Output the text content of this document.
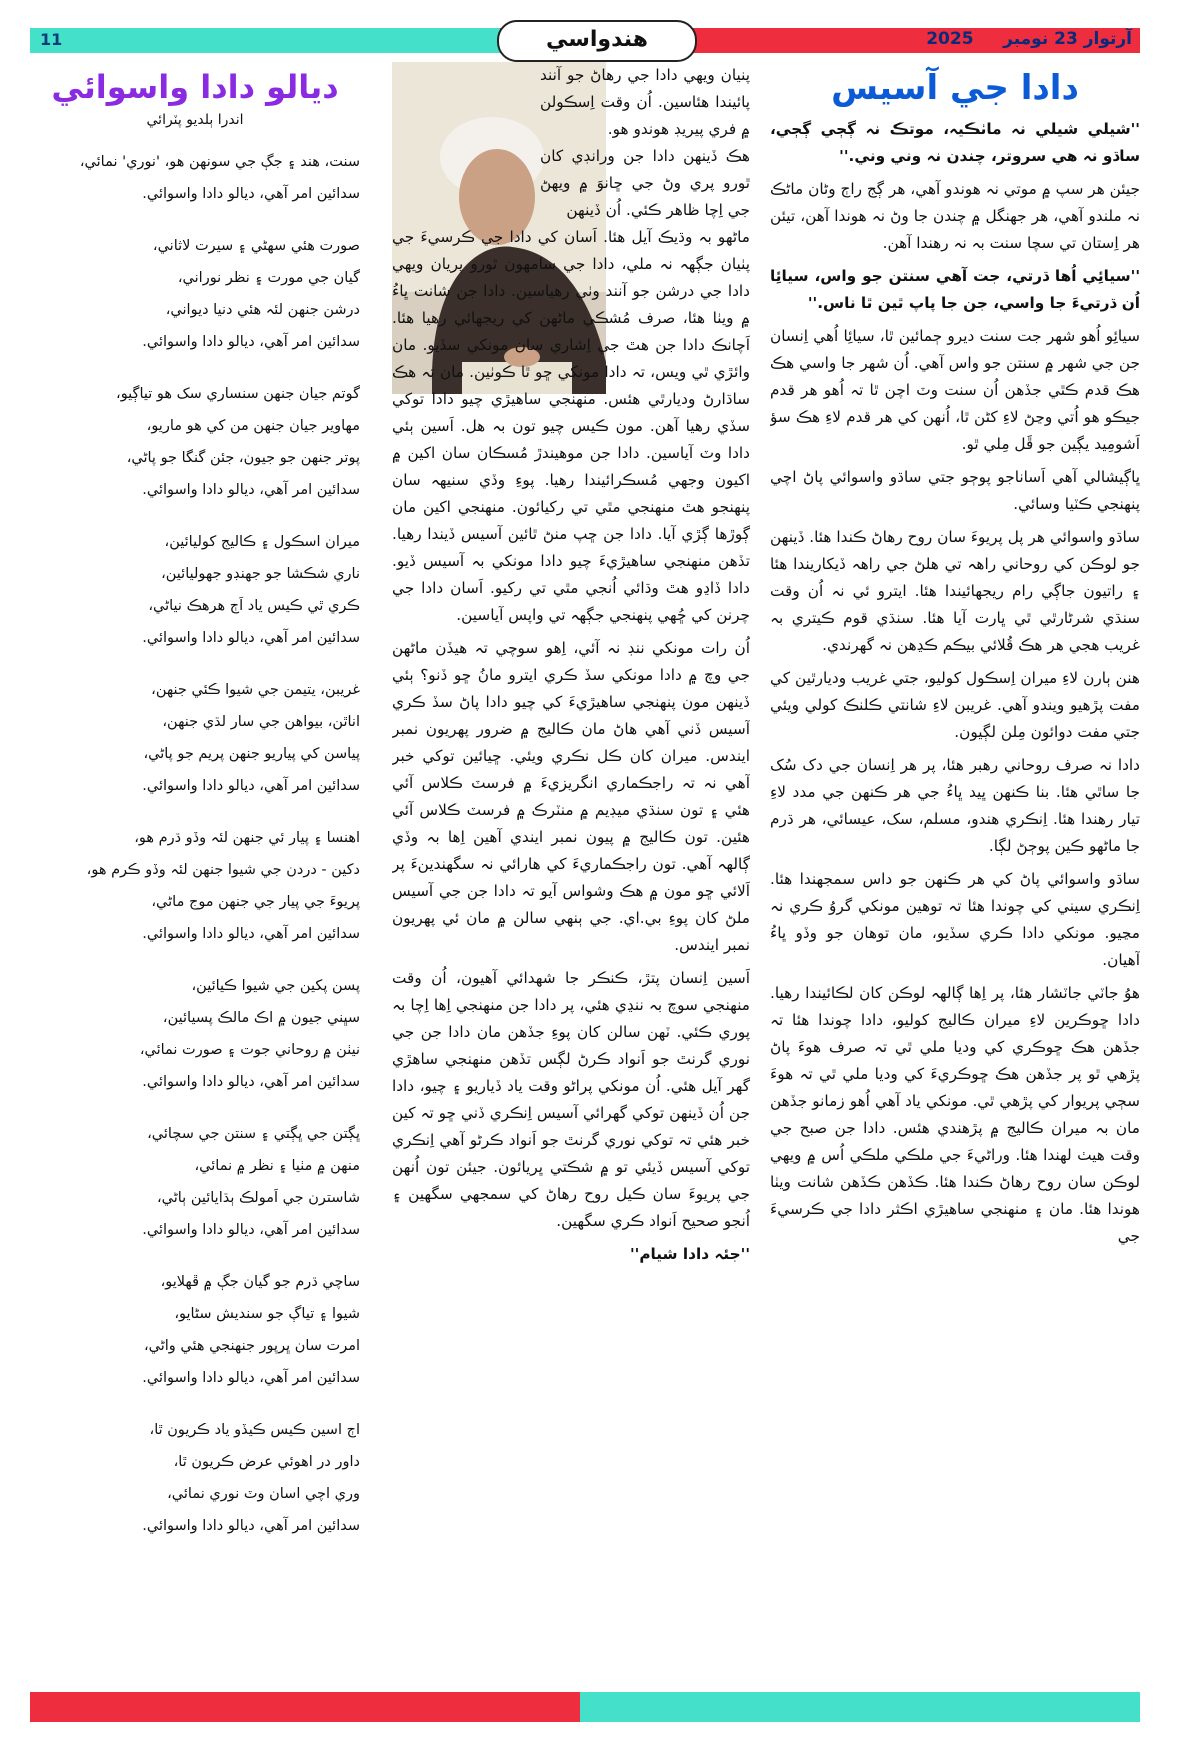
11	آرتوار 23 نومبر     2025
هندواسي
دادا جي آسيس

''شيلي شيلي نہ ماٺڪيہ، موتڪ نہ ڳڄي ڳڄي، ساڌو نہ هي سروتر، چندن نہ وني وني.''

جيئن هر سپ ۾ موتي نہ هوندو آهي، هر ڳج راڄ وڻان ماڻڪ نہ ملندو آهي، هر جهنگل ۾ چندن جا وڻ نہ هوندا آهن، تيئن هر اِستان تي سچا سنت بہ نہ رهندا آهن.

''سيائِي اُها ڌرتي، جت آهي سنتن جو واس، سيائِا اُن ڌرتيءَ جا واسي، جن جا پاپ ٿين ٿا ناس.''

سيائِو اُهو شهر جت سنت ديرو ڄمائين ٿا، سيائِا اُهي اِنسان جن جي شهر ۾ سنتن جو واس آهي. اُن شهر جا واسي هڪ هڪ قدم ڪٿي جڏهن اُن سنت وٽ اچن ٿا تہ اُهو هر قدم جيڪو هو اُتي وڃڻ لاءِ کڻن ٿا، اُنهن کي هر قدم لاءِ هڪ سؤ اَشومِيد يڳين جو ڦَل مِلي ٿو.

ڀاڳيشالي آهي اَساناجو پوڄو جتي ساڌو واسوائي پاڻ اچي پنهنجي ڪٽيا وسائي.

ساڌو واسوائي هر پل پريوءَ سان روح رهاڻ ڪندا هئا. ڏينهن جو لوڪن کي روحاني راهہ تي هلڻ جي راهہ ڏيکاريندا هئا ۽ راتيون جاڳي رام ريجهائيندا هئا. ايترو ئي نہ اُن وقت سنڌي شرڻارٿي ٿي ڀارت آيا هئا. سنڌي قوم ڪيتري بہ غريب هجي هر هڪ قُلائي بيڪم ڪڍهن نہ گهرندي.

هنن ٻارن لاءِ ميران اِسڪول کوليو، جتي غريب وديارٿين کي مفت پڙهيو ويندو آهي. غريبن لاءِ شانتي ڪلنڪ کولي ويئي جتي مفت دوائون مِلن لڳيون.

دادا نہ صرف روحاني رهبر هئا، پر هر اِنسان جي دک سُک جا ساٿي هئا. بنا ڪنهن ڀيد ڀاءُ جي هر ڪنهن جي مدد لاءِ تيار رهندا هئا. اِنڪري هندو، مسلم، سک، عيسائي، هر ڌرم جا ماڻهو ڪين پوڄڻ لڳا.

ساڌو واسوائي پاڻ کي هر ڪنهن جو داس سمجهندا هئا. اِنڪري سيني کي چوندا هئا تہ توهين مونکي گروُ ڪري نہ مڃيو. مونکي دادا ڪري سڏيو، مان توهان جو وڏو ڀاءُ آهيان.

هوُ جاٽي جاٽشار هئا، پر اِها ڳالهہ لوڪن کان لڪائيندا رهيا. دادا ڇوڪرين لاءِ ميران ڪاليج کوليو، دادا چوندا هئا تہ جڏهن هڪ ڇوڪري کي وديا ملي ٿي تہ صرف هوءَ پاڻ پڙهي ٿو پر جڏهن هڪ ڇوڪريءَ کي وديا ملي ٿي تہ هوءَ سڄي پريوار کي پڙهي ٿي. مونکي ياد آهي اُهو زمانو جڏهن مان بہ ميران ڪاليج ۾ پڙهندي هئس. دادا جن صبح جي وقت هيٺ لهندا هئا. وراڻيءَ جي ملڪي ملڪي اُس ۾ ويهي لوڪن سان روح رهاڻ ڪندا هئا. ڪڏهن ڪڏهن شانت ويٺا هوندا هئا. مان ۽ منهنجي ساهيڙي اڪثر دادا جي ڪرسيءَ جي

پنيان ويهي دادا جي رهاڻ جو آنند پائيندا هئاسين. اُن وقت اِسڪولن ۾ فري پيريڊ هوندو هو.

هڪ ڏينهن دادا جن ورانڊي کان ٿورو پري وڻ جي ڇانوَ ۾ ويهڻ جي اِچا ظاهر ڪئي. اُن ڏينهن

ماڻهو بہ وڌيڪ آيل هئا. اَسان کي دادا جي ڪرسيءَ جي پٺيان جڳهہ نہ ملي، دادا جي سامهون ٿورو پريان ويهي دادا جي درشن جو آنند وٺي رهياسين. دادا جن شانت ڀاءُ ۾ ويٺا هئا، صرف مُشڪي ماڻهن کي ريجهائي رهيا هئا. اَچانڪ دادا جن هٿ جي اِشاري سان مونکي سڏيو. مان وائڙي ٿي ويس، تہ دادا مونکي ڇو ٿا ڪوٺين. مان تہ هڪ ساڌارڻ وديارٿي هئس. منهنجي ساهيڙي چيو دادا توکي سڏي رهيا آهن. مون ڪيس چيو تون بہ هل. اَسين ٻئي دادا وٽ آياسين. دادا جن موهيندڙ مُسڪان سان اکين ۾ اکيون وجهي مُسڪرائيندا رهيا. پوءِ وڏي سنيهہ سان پنهنجو هٿ منهنجي مٿي تي رکيائون. منهنجي اکين مان ڳوڙها ڳڙي آيا. دادا جن ڇپ منڻ ٿائين آسيس ڏيندا رهيا. تڏهن منهنجي ساهيڙيءَ چيو دادا مونکي بہ آسيس ڏيو. دادا ڏاڍو هٿ وڌائي اُنجي مٿي تي رکيو. اَسان دادا جي چرنن کي ڇُهي پنهنجي جڳهہ تي واپس آياسين.

اُن رات مونکي ننڊ نہ آئي، اِهو سوچي تہ هيڏن ماڻهن جي وچ ۾ دادا مونکي سڏ ڪري ايترو مانُ ڇو ڏنو؟ ٻئي ڏينهن مون پنهنجي ساهيڙيءَ کي چيو دادا پاڻ سڏ ڪري آسيس ڏني آهي هاڻ مان ڪاليج ۾ ضرور پهريون نمبر ايندس. ميران کان ڪل نڪري ويئي. ڇيائين توکي خبر آهي نہ تہ راجڪماري انگريزيءَ ۾ فرسٽ ڪلاس آئي هئي ۽ تون سنڌي ميڊيم ۾ منٽرڪ ۾ فرسٽ ڪلاس آئي هئين. تون ڪاليج ۾ پيون نمبر ايندي آهين اِها بہ وڏي ڳالهہ آهي. تون راجڪماريءَ کي هارائي نہ سگهندينءَ پر اَلائي ڇو مون ۾ هڪ وشواس آيو تہ دادا جن جي آسيس ملڻ کان پوءِ بي.اي. جي ٻنهي سالن ۾ مان ئي پهريون نمبر ايندس.

اَسين اِنسان پتڙ، ڪنڪر جا شهدائي آهيون، اُن وقت منهنجي سوچ بہ ننڍي هئي، پر دادا جن منهنجي اِها اِچا بہ پوري ڪئي. ٽهن سالن کان پوءِ جڏهن مان دادا جن جي نوري گرنٿ جو اَنواد ڪرڻ لڳس تڏهن منهنجي ساهڙي گهر آيل هئي. اُن مونکي پراڻو وقت ياد ڏياريو ۽ چيو، دادا جن اُن ڏينهن توکي گهرائي آسيس اِنڪري ڏني ڇو تہ کين خبر هئي تہ توکي نوري گرنٿ جو اَنواد ڪرڻو آهي اِنڪري توکي آسيس ڏيئي تو ۾ شڪتي ڀريائون. جيئن تون اُنهن جي پريوءَ سان ڪيل روح رهاڻ کي سمجهي سگهين ۽ اُنجو صحيح اَنواد ڪري سگهين.

''جئہ دادا شيام''

ديالو دادا واسوائي
اندرا ٻلديو پٽرائي
سنت، هند ۽ جڳ جي سونهن هو، 'نوري' نمائي،
سدائين امر آهي، ديالو دادا واسوائي.
صورت هئي سهڻي ۽ سيرت لاثاني،
گيان جي مورت ۽ نظر نوراني،
درشن جنهن لئہ هئي دنيا ديواني،
سدائين امر آهي، ديالو دادا واسوائي.
گوتم جيان جنهن سنساري سک هو تياڳيو،
مهاوير جيان جنهن من کي هو ماريو،
پوتر جنهن جو جيون، جئن گنگا جو پاڻي،
سدائين امر آهي، ديالو دادا واسوائي.
ميران اسڪول ۽ ڪاليج کوليائين،
ناري شڪشا جو جهنڊو جهوليائين،
ڪري ٿي ڪيس ياد اَڄ هرهڪ نياڻي،
سدائين امر آهي، ديالو دادا واسوائي.
غريبن، يتيمن جي شيوا ڪئي جنهن،
اناٿن، بيواهن جي سار لڌي جنهن،
پياسن کي پياريو جنهن پريم جو پاڻي،
سدائين امر آهي، ديالو دادا واسوائي.
اهنسا ۽ پيار ئي جنهن لئہ وڏو ڌرم هو،
دکين - دردن جي شيوا جنهن لئہ وڏو ڪرم هو،
پريوءَ جي پيار جي جنهن موج ماڻي،
سدائين امر آهي، ديالو دادا واسوائي.
پسن پکين جي شيوا ڪيائين،
سڀني جيون ۾ اڪ مالڪ پسيائين،
نيٺن ۾ روحاني جوت ۽ صورت نمائي،
سدائين امر آهي، ديالو دادا واسوائي.
ڀڳتن جي ڀڳتي ۽ سنتن جي سچائي،
منهن ۾ مٺيا ۽ نظر ۾ نمائي،
شاسترن جي اَمولڪ ٻڌايائين ٻاڻي،
سدائين امر آهي، ديالو دادا واسوائي.
ساچي ڌرم جو گيان جڳ ۾ ڦهلايو،
شيوا ۽ تياڳ جو سنديش سڻايو،
امرت سان ڀرپور جنهنجي هئي واڻي،
سدائين امر آهي، ديالو دادا واسوائي.
اڄ اسين ڪيس ڪيڏو ياد ڪريون ٿا،
داور در اهوئي عرض ڪريون ٿا،
وري اچي اسان وٽ نوري نمائي،
سدائين امر آهي، ديالو دادا واسوائي.
